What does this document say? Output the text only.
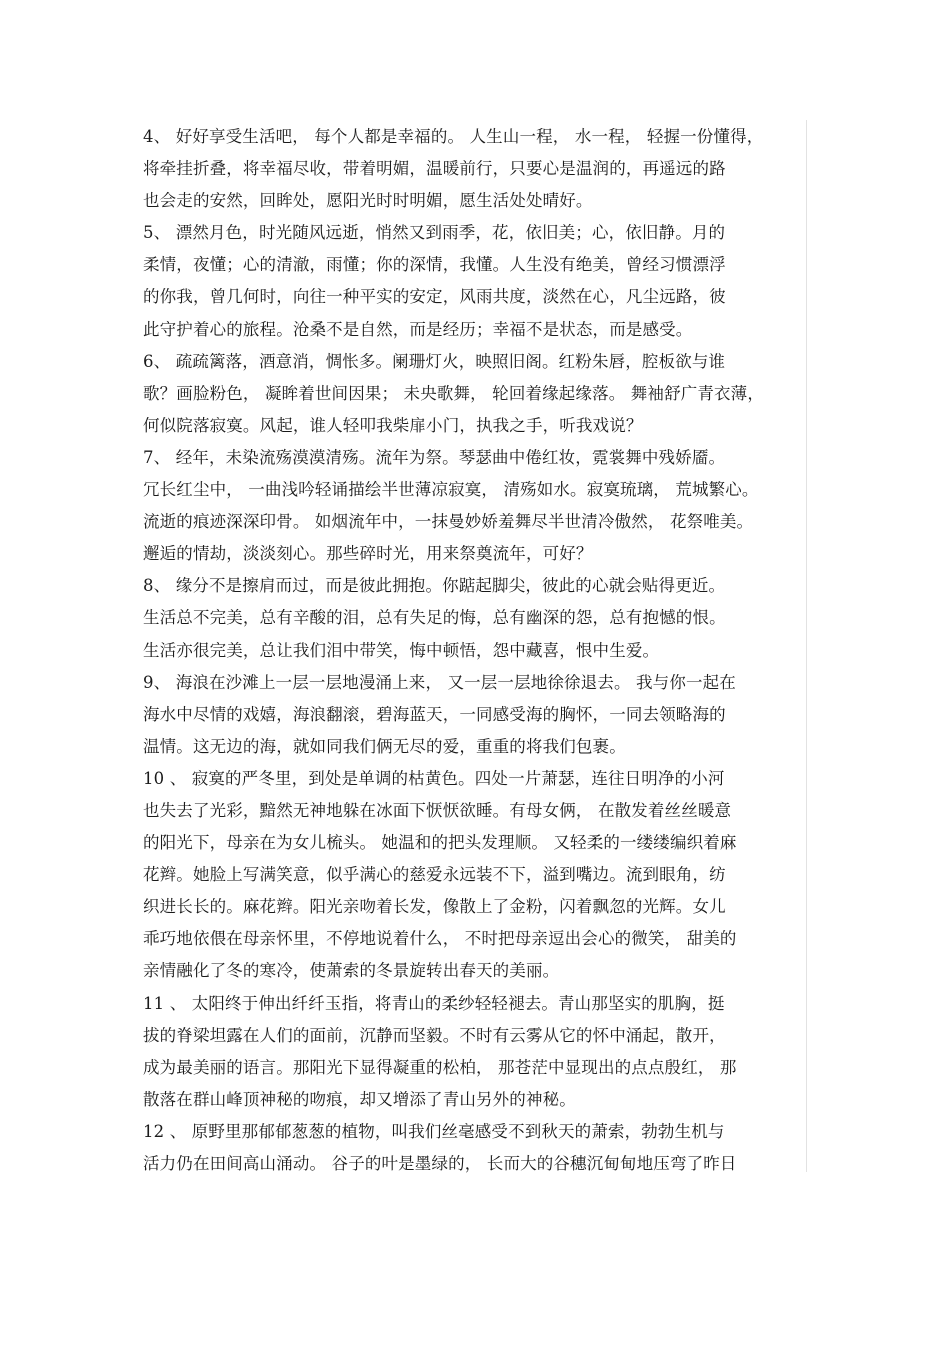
4、 好好享受生活吧， 每个人都是幸福的。 人生山一程， 水一程， 轻握一份懂得，
将牵挂折叠，将幸福尽收，带着明媚，温暖前行，只要心是温润的，再遥远的路
也会走的安然，回眸处，愿阳光时时明媚，愿生活处处晴好。
5、 漂然月色，时光随风远逝，悄然又到雨季，花，依旧美；心，依旧静。月的
柔情，夜懂；心的清澈，雨懂；你的深情，我懂。人生没有绝美，曾经习惯漂浮
的你我，曾几何时，向往一种平实的安定，风雨共度，淡然在心，凡尘远路，彼
此守护着心的旅程。沧桑不是自然，而是经历；幸福不是状态，而是感受。
6、 疏疏篱落，酒意消，惆怅多。阑珊灯火，映照旧阁。红粉朱唇，腔板欲与谁
歌？画脸粉色， 凝眸着世间因果； 未央歌舞， 轮回着缘起缘落。 舞袖舒广青衣薄，
何似院落寂寞。风起，谁人轻叩我柴扉小门，执我之手，听我戏说？
7、 经年，未染流殇漠漠清殇。流年为祭。琴瑟曲中倦红妆，霓裳舞中残娇靥。
冗长红尘中， 一曲浅吟轻诵描绘半世薄凉寂寞， 清殇如水。寂寞琉璃， 荒城繁心。
流逝的痕迹深深印骨。 如烟流年中，一抹曼妙娇羞舞尽半世清冷傲然， 花祭唯美。
邂逅的情劫，淡淡刻心。那些碎时光，用来祭奠流年，可好？
8、 缘分不是擦肩而过，而是彼此拥抱。你踮起脚尖，彼此的心就会贴得更近。
生活总不完美，总有辛酸的泪，总有失足的悔，总有幽深的怨，总有抱憾的恨。
生活亦很完美，总让我们泪中带笑，悔中顿悟，怨中藏喜，恨中生爱。
9、 海浪在沙滩上一层一层地漫涌上来， 又一层一层地徐徐退去。 我与你一起在
海水中尽情的戏嬉，海浪翻滚，碧海蓝天，一同感受海的胸怀，一同去领略海的
温情。这无边的海，就如同我们俩无尽的爱，重重的将我们包裹。
10 、 寂寞的严冬里，到处是单调的枯黄色。四处一片萧瑟，连往日明净的小河
也失去了光彩，黯然无神地躲在冰面下恹恹欲睡。有母女俩， 在散发着丝丝暖意
的阳光下，母亲在为女儿梳头。 她温和的把头发理顺。 又轻柔的一缕缕编织着麻
花辫。她脸上写满笑意，似乎满心的慈爱永远装不下，溢到嘴边。流到眼角，纺
织进长长的。麻花辫。阳光亲吻着长发，像散上了金粉，闪着飘忽的光辉。女儿
乖巧地依偎在母亲怀里，不停地说着什么， 不时把母亲逗出会心的微笑， 甜美的
亲情融化了冬的寒冷，使萧索的冬景旋转出春天的美丽。
11 、 太阳终于伸出纤纤玉指，将青山的柔纱轻轻褪去。青山那坚实的肌胸，挺
拔的脊梁坦露在人们的面前，沉静而坚毅。不时有云雾从它的怀中涌起，散开，
成为最美丽的语言。那阳光下显得凝重的松柏， 那苍茫中显现出的点点殷红， 那
散落在群山峰顶神秘的吻痕，却又增添了青山另外的神秘。
12 、 原野里那郁郁葱葱的植物，叫我们丝毫感受不到秋天的萧索，勃勃生机与
活力仍在田间高山涌动。 谷子的叶是墨绿的， 长而大的谷穗沉甸甸地压弯了昨日
